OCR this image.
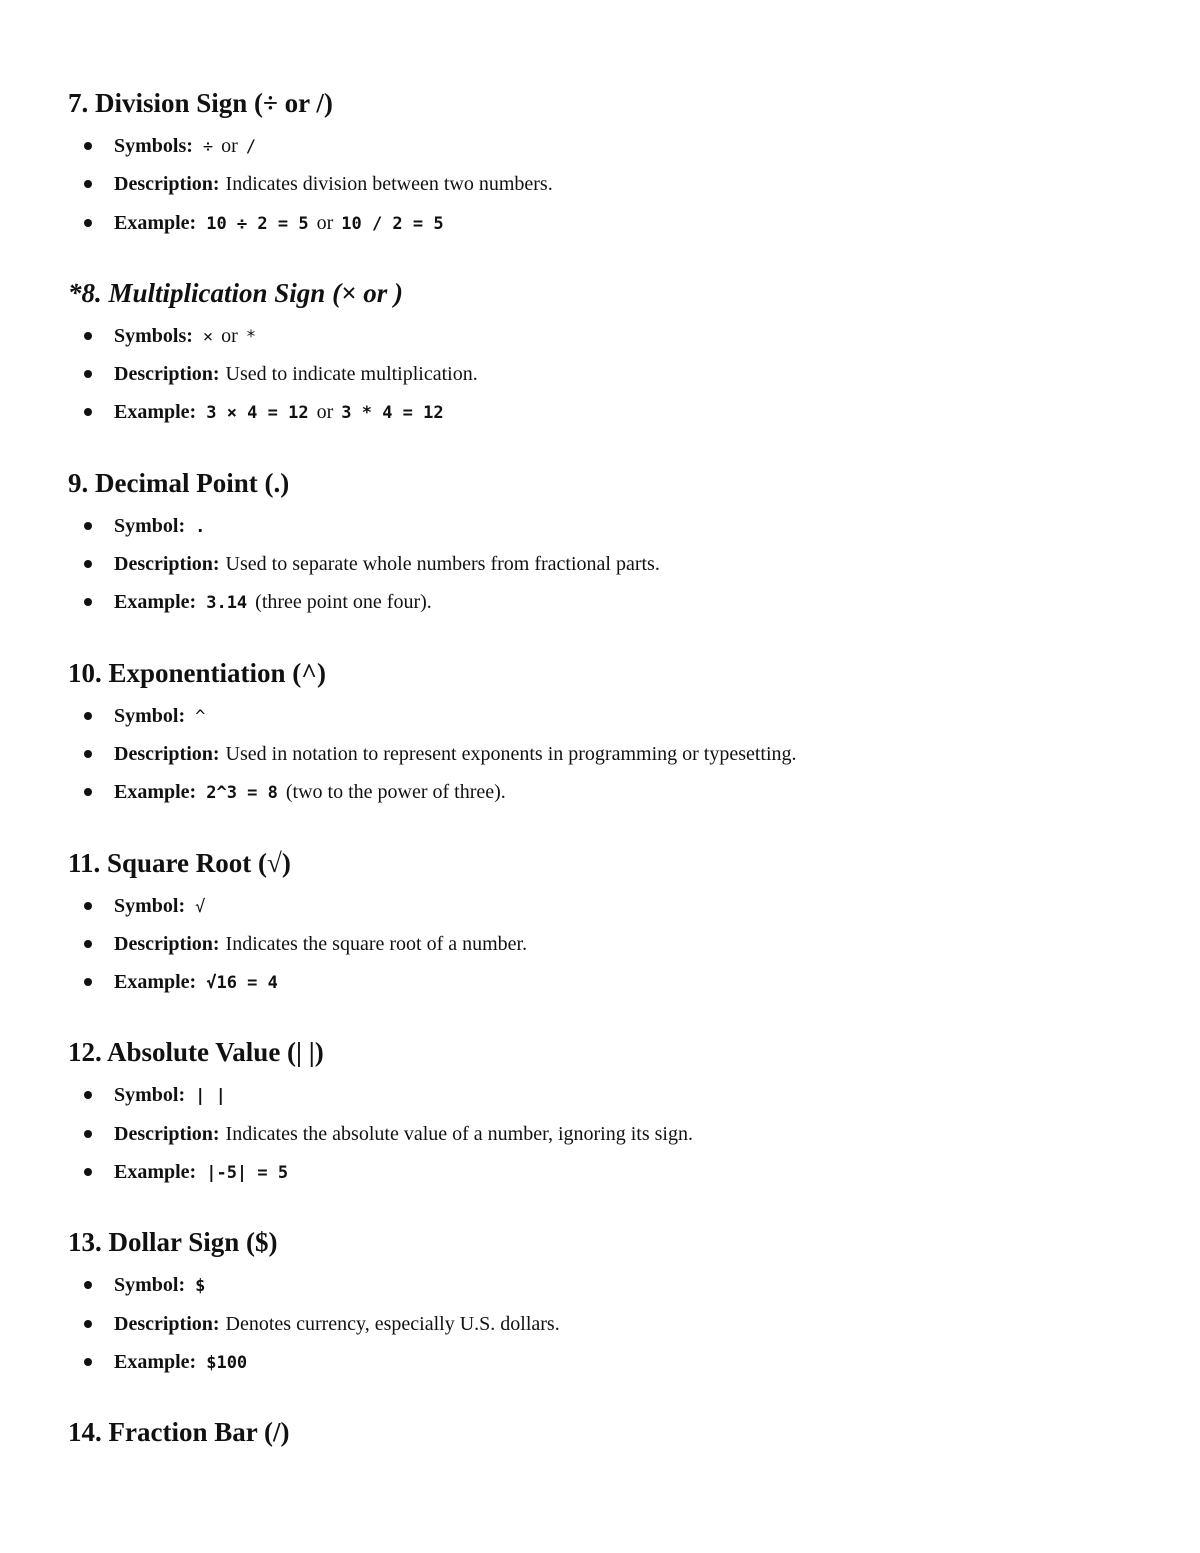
7. Division Sign (÷ or /)
Symbols: ÷ or /
Description: Indicates division between two numbers.
Example: 10 ÷ 2 = 5 or 10 / 2 = 5
*8. Multiplication Sign (× or )
Symbols: × or *
Description: Used to indicate multiplication.
Example: 3 × 4 = 12 or 3 * 4 = 12
9. Decimal Point (.)
Symbol: .
Description: Used to separate whole numbers from fractional parts.
Example: 3.14 (three point one four).
10. Exponentiation (^)
Symbol: ^
Description: Used in notation to represent exponents in programming or typesetting.
Example: 2^3 = 8 (two to the power of three).
11. Square Root (√)
Symbol: √
Description: Indicates the square root of a number.
Example: √16 = 4
12. Absolute Value (| |)
Symbol: | |
Description: Indicates the absolute value of a number, ignoring its sign.
Example: |-5| = 5
13. Dollar Sign ($)
Symbol: $
Description: Denotes currency, especially U.S. dollars.
Example: $100
14. Fraction Bar (/)
